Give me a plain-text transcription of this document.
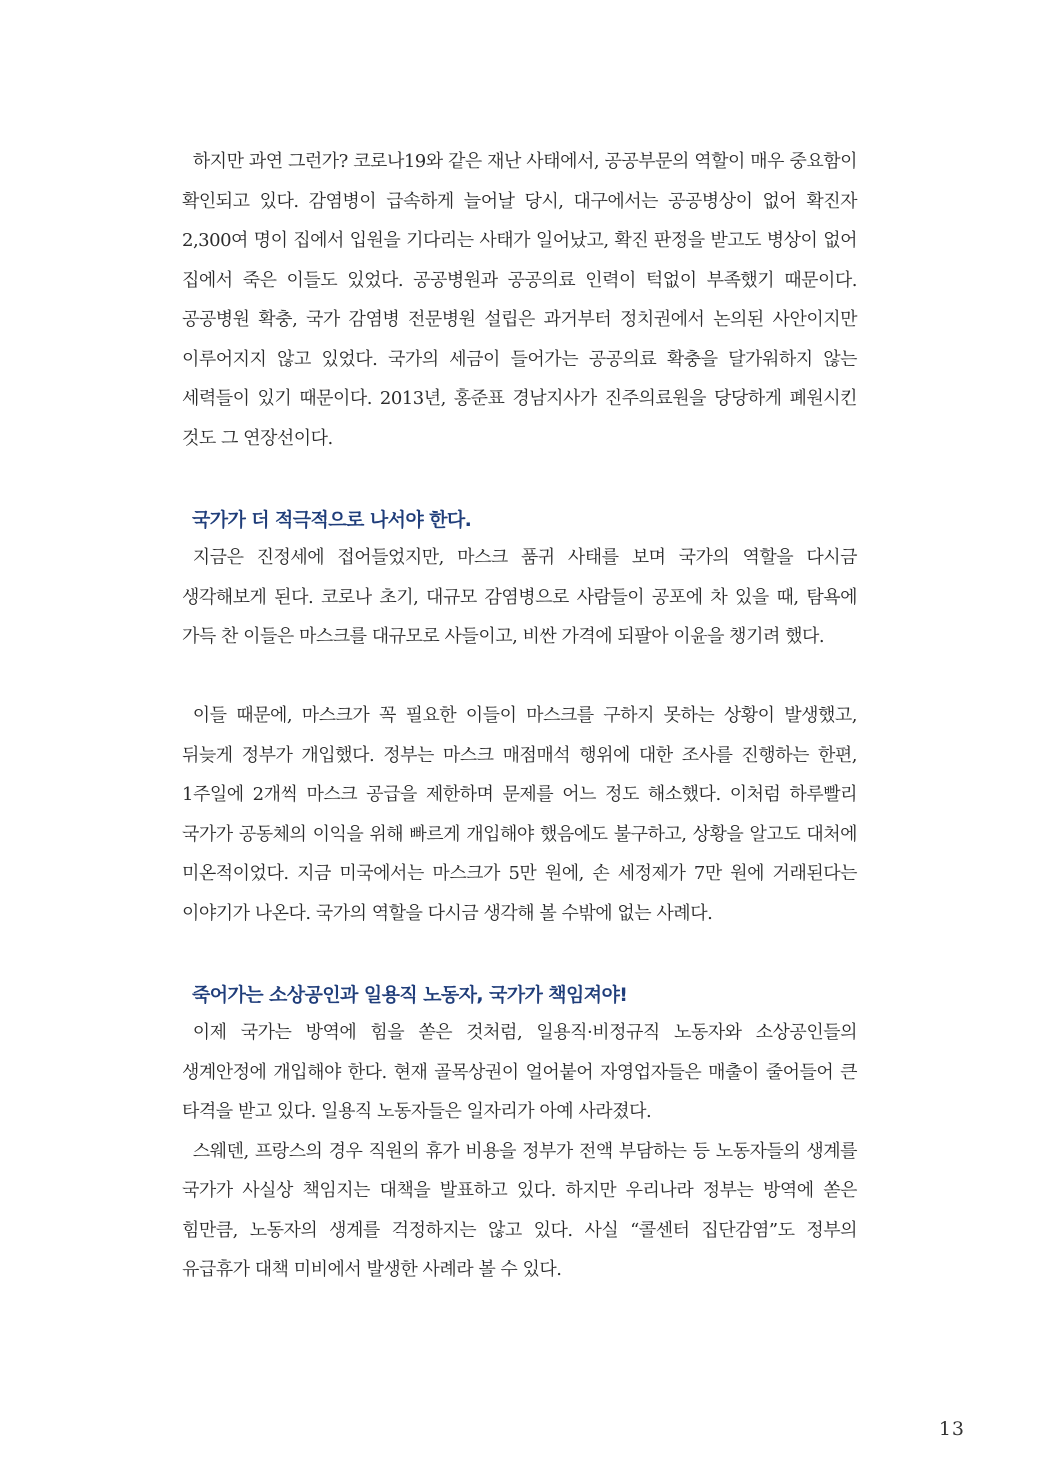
하지만 과연 그런가? 코로나19와 같은 재난 사태에서, 공공부문의 역할이 매우 중요함이 확인되고 있다. 감염병이 급속하게 늘어날 당시, 대구에서는 공공병상이 없어 확진자 2,300여 명이 집에서 입원을 기다리는 사태가 일어났고, 확진 판정을 받고도 병상이 없어 집에서 죽은 이들도 있었다. 공공병원과 공공의료 인력이 턱없이 부족했기 때문이다. 공공병원 확충, 국가 감염병 전문병원 설립은 과거부터 정치권에서 논의된 사안이지만 이루어지지 않고 있었다. 국가의 세금이 들어가는 공공의료 확충을 달가워하지 않는 세력들이 있기 때문이다. 2013년, 홍준표 경남지사가 진주의료원을 당당하게 폐원시킨 것도 그 연장선이다.

국가가 더 적극적으로 나서야 한다.

지금은 진정세에 접어들었지만, 마스크 품귀 사태를 보며 국가의 역할을 다시금 생각해보게 된다. 코로나 초기, 대규모 감염병으로 사람들이 공포에 차 있을 때, 탐욕에 가득 찬 이들은 마스크를 대규모로 사들이고, 비싼 가격에 되팔아 이윤을 챙기려 했다.

이들 때문에, 마스크가 꼭 필요한 이들이 마스크를 구하지 못하는 상황이 발생했고, 뒤늦게 정부가 개입했다. 정부는 마스크 매점매석 행위에 대한 조사를 진행하는 한편, 1주일에 2개씩 마스크 공급을 제한하며 문제를 어느 정도 해소했다. 이처럼 하루빨리 국가가 공동체의 이익을 위해 빠르게 개입해야 했음에도 불구하고, 상황을 알고도 대처에 미온적이었다. 지금 미국에서는 마스크가 5만 원에, 손 세정제가 7만 원에 거래된다는 이야기가 나온다. 국가의 역할을 다시금 생각해 볼 수밖에 없는 사례다.

죽어가는 소상공인과 일용직 노동자, 국가가 책임져야!

이제 국가는 방역에 힘을 쏟은 것처럼, 일용직·비정규직 노동자와 소상공인들의 생계안정에 개입해야 한다. 현재 골목상권이 얼어붙어 자영업자들은 매출이 줄어들어 큰 타격을 받고 있다. 일용직 노동자들은 일자리가 아예 사라졌다.

스웨덴, 프랑스의 경우 직원의 휴가 비용을 정부가 전액 부담하는 등 노동자들의 생계를 국가가 사실상 책임지는 대책을 발표하고 있다. 하지만 우리나라 정부는 방역에 쏟은 힘만큼, 노동자의 생계를 걱정하지는 않고 있다. 사실 “콜센터 집단감염”도 정부의 유급휴가 대책 미비에서 발생한 사례라 볼 수 있다.

13
